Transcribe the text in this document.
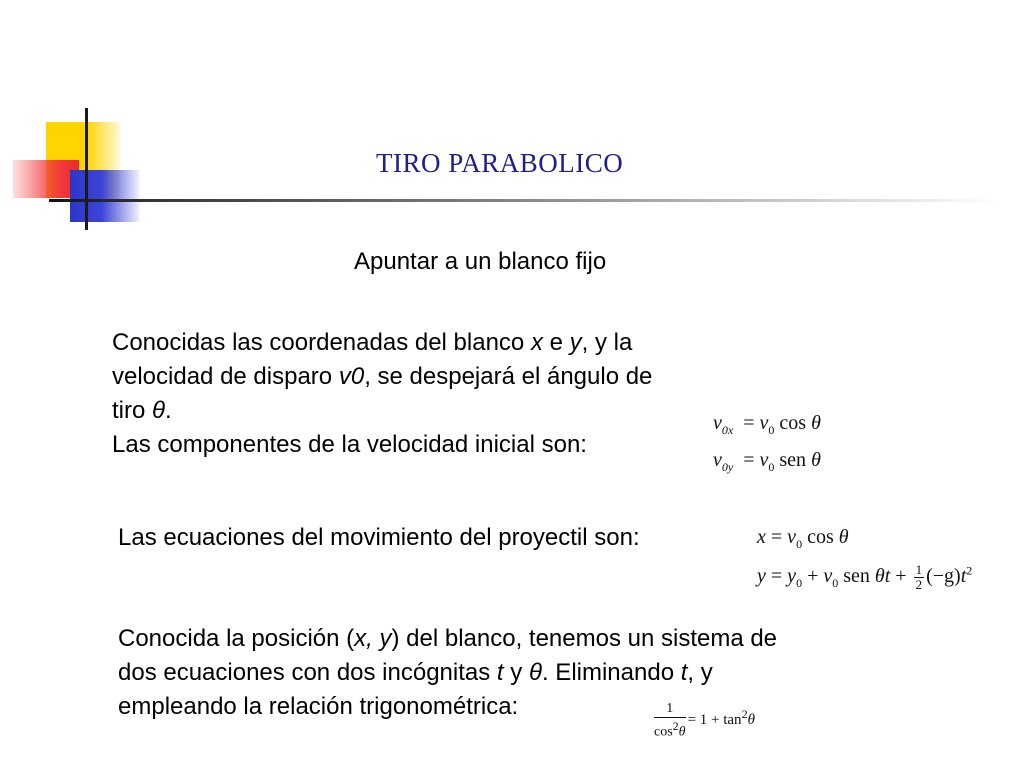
TIRO PARABOLICO
Apuntar a un blanco fijo
Conocidas las coordenadas del blanco x e y, y la
velocidad de disparo v0, se despejará el ángulo de
tiro θ.
Las componentes de la velocidad inicial son:
$v_{0x} = v_0$ cos θ
$v_{0y} = v_0$ sen θ
Las ecuaciones del movimiento del proyectil son:	$x = v_0$ cos θ
$y = y_0 + v_0$ sen $\theta t + \frac{1}{2} (-g)t^2$
Conocida la posición (x, y) del blanco, tenemos un sistema de
dos ecuaciones con dos incógnitas t y θ. Eliminando t, y
empleando la relación trigonométrica:	$\frac{1}{\cos^2\theta} = 1 + \tan^2\theta$
